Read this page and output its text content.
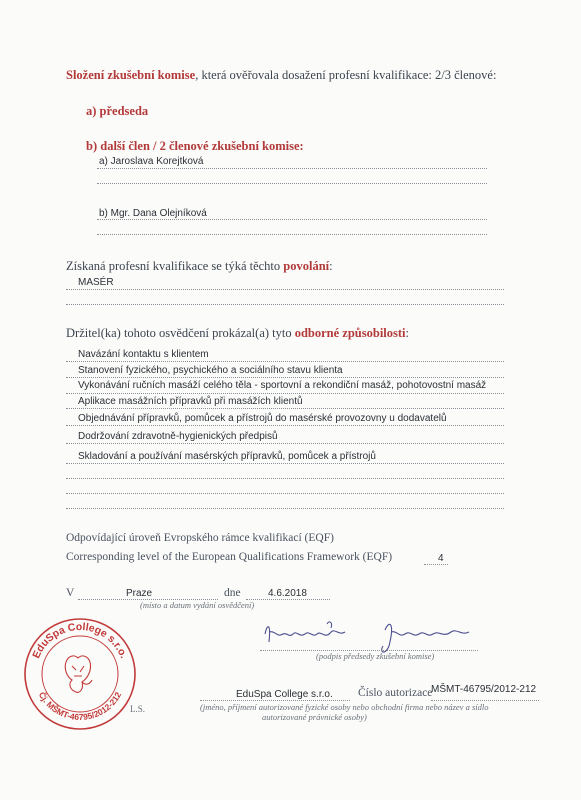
Složení zkušební komise, která ověřovala dosažení profesní kvalifikace: 2/3 členové:
a) předseda
b) další člen / 2 členové zkušební komise:
a) Jaroslava Korejtková
b) Mgr. Dana Olejníková
Získaná profesní kvalifikace se týká těchto povolání:
MASÉR
Držitel(ka) tohoto osvědčení prokázal(a) tyto odborné způsobilosti:
Navázání kontaktu s klientem
Stanovení fyzického, psychického a sociálního stavu klienta
Vykonávání ručních masáží celého těla - sportovní a rekondiční masáž, pohotovostní masáž
Aplikace masážních přípravků při masážích klientů
Objednávání přípravků, pomůcek a přístrojů do masérské provozovny u dodavatelů
Dodržování zdravotně-hygienických předpisů
Skladování a používání masérských přípravků, pomůcek a přístrojů
Odpovídající úroveň Evropského rámce kvalifikací (EQF)
Corresponding level of the European Qualifications Framework (EQF)	4
V	Praze	dne	4.6.2018
(místo a datum vydání osvědčení)
(podpis předsedy zkušební komise)
EduSpa College s.r.o. Číslo autorizace
MŠMT-46795/2012-212
(jméno, příjmení autorizované fyzické osoby nebo obchodní firma nebo název a sídlo
autorizované právnické osoby)
L.S.
EduSpa College s.r.o.
Čj. MŠMT-46795/2012-212
